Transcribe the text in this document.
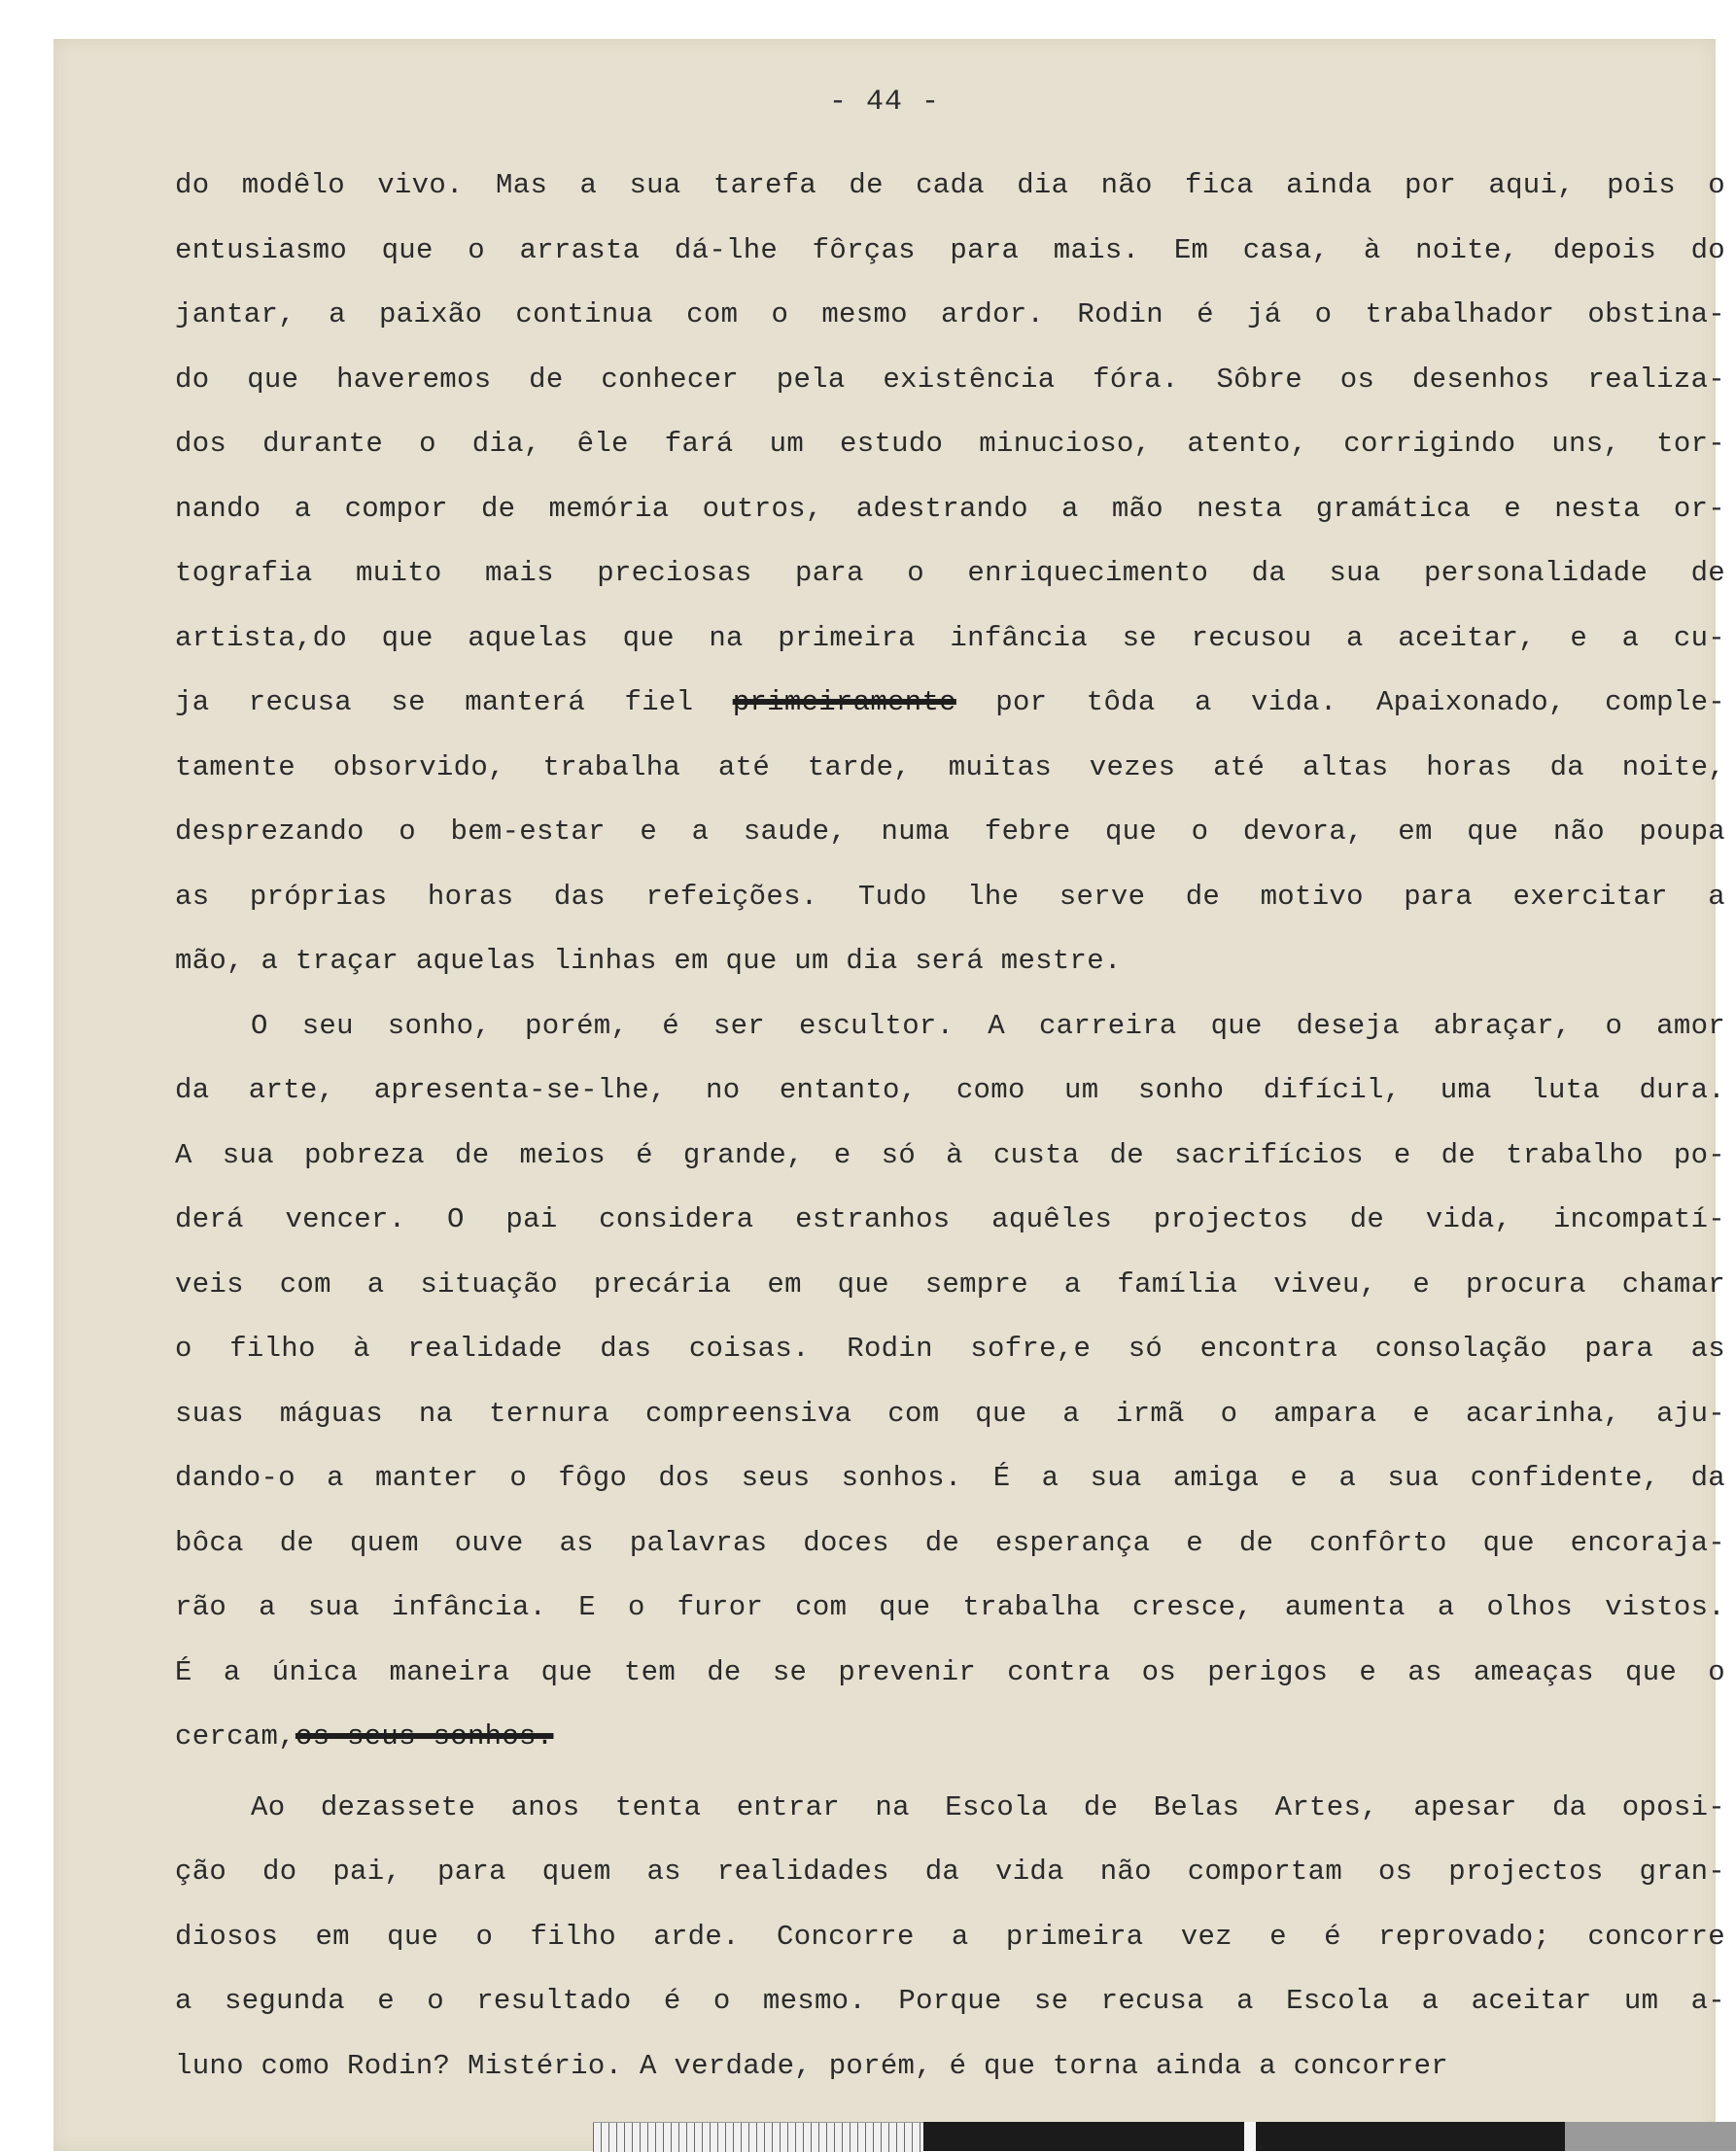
- 44 -
do modêlo vivo. Mas a sua tarefa de cada dia não fica ainda por aqui, pois o
entusiasmo que o arrasta dá-lhe fôrças para mais. Em casa, à noite, depois do
jantar, a paixão continua com o mesmo ardor. Rodin é já o trabalhador obstina-
do que haveremos de conhecer pela existência fóra. Sôbre os desenhos realiza-
dos durante o dia, êle fará um estudo minucioso, atento, corrigindo uns, tor-
nando a compor de memória outros, adestrando a mão nesta gramática e nesta or-
tografia muito mais preciosas para o enriquecimento da sua personalidade de
artista,do que aquelas que na primeira infância se recusou a aceitar, e a cu-
ja recusa se manterá fiel primeiramente por tôda a vida. Apaixonado, comple-
tamente obsorvido, trabalha até tarde, muitas vezes até altas horas da noite,
desprezando o bem-estar e a saude, numa febre que o devora, em que não poupa
as próprias horas das refeições. Tudo lhe serve de motivo para exercitar a
mão, a traçar aquelas linhas em que um dia será mestre.
O seu sonho, porém, é ser escultor. A carreira que deseja abraçar, o amor
da arte, apresenta-se-lhe, no entanto, como um sonho difícil, uma luta dura.
A sua pobreza de meios é grande, e só à custa de sacrifícios e de trabalho po-
derá vencer. O pai considera estranhos aquêles projectos de vida, incompatí-
veis com a situação precária em que sempre a família viveu, e procura chamar
o filho à realidade das coisas. Rodin sofre,e só encontra consolação para as
suas máguas na ternura compreensiva com que a irmã o ampara e acarinha, aju-
dando-o a manter o fôgo dos seus sonhos. É a sua amiga e a sua confidente, da
bôca de quem ouve as palavras doces de esperança e de confôrto que encoraja-
rão a sua infância. E o furor com que trabalha cresce, aumenta a olhos vistos.
É a única maneira que tem de se prevenir contra os perigos e as ameaças que o
cercam,os seus sonhos.
Ao dezassete anos tenta entrar na Escola de Belas Artes, apesar da oposi-
ção do pai, para quem as realidades da vida não comportam os projectos gran-
diosos em que o filho arde. Concorre a primeira vez e é reprovado; concorre
a segunda e o resultado é o mesmo. Porque se recusa a Escola a aceitar um a-
luno como Rodin? Mistério. A verdade, porém, é que torna ainda a concorrer
